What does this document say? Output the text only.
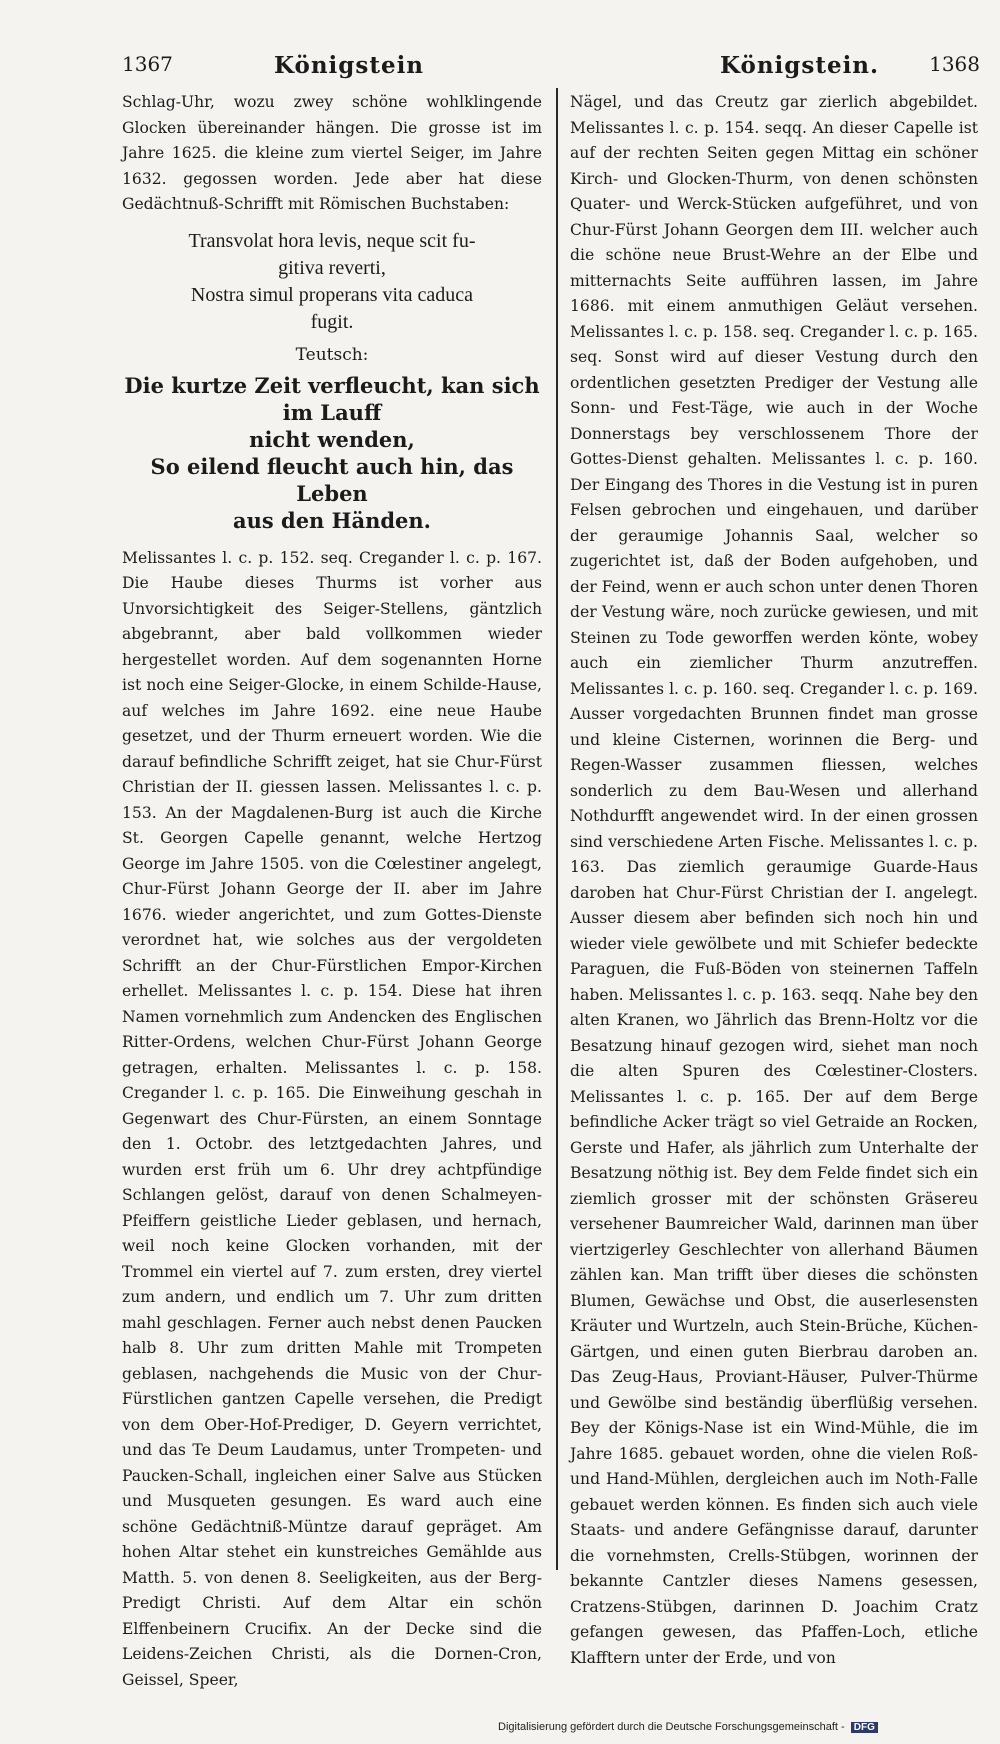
1367	Königstein	Königstein.	1368

Schlag-Uhr, wozu zwey schöne wohlklingende Glocken übereinander hängen. Die grosse ist im Jahre 1625. die kleine zum viertel Seiger, im Jahre 1632. gegossen worden. Jede aber hat diese Gedächtnuß-Schrifft mit Römischen Buchstaben:

Transvolat hora levis, neque scit fu-
gitiva reverti,
Nostra simul properans vita caduca
fugit.
Teutsch:
Die kurtze Zeit verfleucht, kan sich im Lauff
nicht wenden,
So eilend fleucht auch hin, das Leben
aus den Händen.

Melissantes l. c. p. 152. seq. Cregander l. c. p. 167. Die Haube dieses Thurms ist vorher aus Unvorsichtigkeit des Seiger-Stellens, gäntzlich abgebrannt, aber bald vollkommen wieder hergestellet worden. Auf dem sogenannten Horne ist noch eine Seiger-Glocke, in einem Schilde-Hause, auf welches im Jahre 1692. eine neue Haube gesetzet, und der Thurm erneuert worden. Wie die darauf befindliche Schrifft zeiget, hat sie Chur-Fürst Christian der II. giessen lassen. Melissantes l. c. p. 153. An der Magdalenen-Burg ist auch die Kirche St. Georgen Capelle genannt, welche Hertzog George im Jahre 1505. von die Cœlestiner angelegt, Chur-Fürst Johann George der II. aber im Jahre 1676. wieder angerichtet, und zum Gottes-Dienste verordnet hat, wie solches aus der vergoldeten Schrifft an der Chur-Fürstlichen Empor-Kirchen erhellet. Melissantes l. c. p. 154. Diese hat ihren Namen vornehmlich zum Andencken des Englischen Ritter-Ordens, welchen Chur-Fürst Johann George getragen, erhalten. Melissantes l. c. p. 158. Cregander l. c. p. 165. Die Einweihung geschah in Gegenwart des Chur-Fürsten, an einem Sonntage den 1. Octobr. des letztgedachten Jahres, und wurden erst früh um 6. Uhr drey achtpfündige Schlangen gelöst, darauf von denen Schalmeyen-Pfeiffern geistliche Lieder geblasen, und hernach, weil noch keine Glocken vorhanden, mit der Trommel ein viertel auf 7. zum ersten, drey viertel zum andern, und endlich um 7. Uhr zum dritten mahl geschlagen. Ferner auch nebst denen Paucken halb 8. Uhr zum dritten Mahle mit Trompeten geblasen, nachgehends die Music von der Chur-Fürstlichen gantzen Capelle versehen, die Predigt von dem Ober-Hof-Prediger, D. Geyern verrichtet, und das Te Deum Laudamus, unter Trompeten- und Paucken-Schall, ingleichen einer Salve aus Stücken und Musqueten gesungen. Es ward auch eine schöne Gedächtniß-Müntze darauf gepräget. Am hohen Altar stehet ein kunstreiches Gemählde aus Matth. 5. von denen 8. Seeligkeiten, aus der Berg-Predigt Christi. Auf dem Altar ein schön Elffenbeinern Crucifix. An der Decke sind die Leidens-Zeichen Christi, als die Dornen-Cron, Geissel, Speer,

Nägel, und das Creutz gar zierlich abgebildet. Melissantes l. c. p. 154. seqq. An dieser Capelle ist auf der rechten Seiten gegen Mittag ein schöner Kirch- und Glocken-Thurm, von denen schönsten Quater- und Werck-Stücken aufgeführet, und von Chur-Fürst Johann Georgen dem III. welcher auch die schöne neue Brust-Wehre an der Elbe und mitternachts Seite aufführen lassen, im Jahre 1686. mit einem anmuthigen Geläut versehen. Melissantes l. c. p. 158. seq. Cregander l. c. p. 165. seq. Sonst wird auf dieser Vestung durch den ordentlichen gesetzten Prediger der Vestung alle Sonn- und Fest-Täge, wie auch in der Woche Donnerstags bey verschlossenem Thore der Gottes-Dienst gehalten. Melissantes l. c. p. 160. Der Eingang des Thores in die Vestung ist in puren Felsen gebrochen und eingehauen, und darüber der geraumige Johannis Saal, welcher so zugerichtet ist, daß der Boden aufgehoben, und der Feind, wenn er auch schon unter denen Thoren der Vestung wäre, noch zurücke gewiesen, und mit Steinen zu Tode geworffen werden könte, wobey auch ein ziemlicher Thurm anzutreffen. Melissantes l. c. p. 160. seq. Cregander l. c. p. 169. Ausser vorgedachten Brunnen findet man grosse und kleine Cisternen, worinnen die Berg- und Regen-Wasser zusammen fliessen, welches sonderlich zu dem Bau-Wesen und allerhand Nothdurfft angewendet wird. In der einen grossen sind verschiedene Arten Fische. Melissantes l. c. p. 163. Das ziemlich geraumige Guarde-Haus daroben hat Chur-Fürst Christian der I. angelegt. Ausser diesem aber befinden sich noch hin und wieder viele gewölbete und mit Schiefer bedeckte Paraguen, die Fuß-Böden von steinernen Taffeln haben. Melissantes l. c. p. 163. seqq. Nahe bey den alten Kranen, wo Jährlich das Brenn-Holtz vor die Besatzung hinauf gezogen wird, siehet man noch die alten Spuren des Cœlestiner-Closters. Melissantes l. c. p. 165. Der auf dem Berge befindliche Acker trägt so viel Getraide an Rocken, Gerste und Hafer, als jährlich zum Unterhalte der Besatzung nöthig ist. Bey dem Felde findet sich ein ziemlich grosser mit der schönsten Gräsereu versehener Baumreicher Wald, darinnen man über viertzigerley Geschlechter von allerhand Bäumen zählen kan. Man trifft über dieses die schönsten Blumen, Gewächse und Obst, die auserlesensten Kräuter und Wurtzeln, auch Stein-Brüche, Küchen-Gärtgen, und einen guten Bierbrau daroben an. Das Zeug-Haus, Proviant-Häuser, Pulver-Thürme und Gewölbe sind beständig überflüßig versehen. Bey der Königs-Nase ist ein Wind-Mühle, die im Jahre 1685. gebauet worden, ohne die vielen Roß- und Hand-Mühlen, dergleichen auch im Noth-Falle gebauet werden können. Es finden sich auch viele Staats- und andere Gefängnisse darauf, darunter die vornehmsten, Crells-Stübgen, worinnen der bekannte Cantzler dieses Namens gesessen, Cratzens-Stübgen, darinnen D. Joachim Cratz gefangen gewesen, das Pfaffen-Loch, etliche Klafftern unter der Erde, und von

Digitalisierung gefördert durch die Deutsche Forschungsgemeinschaft - DFG
